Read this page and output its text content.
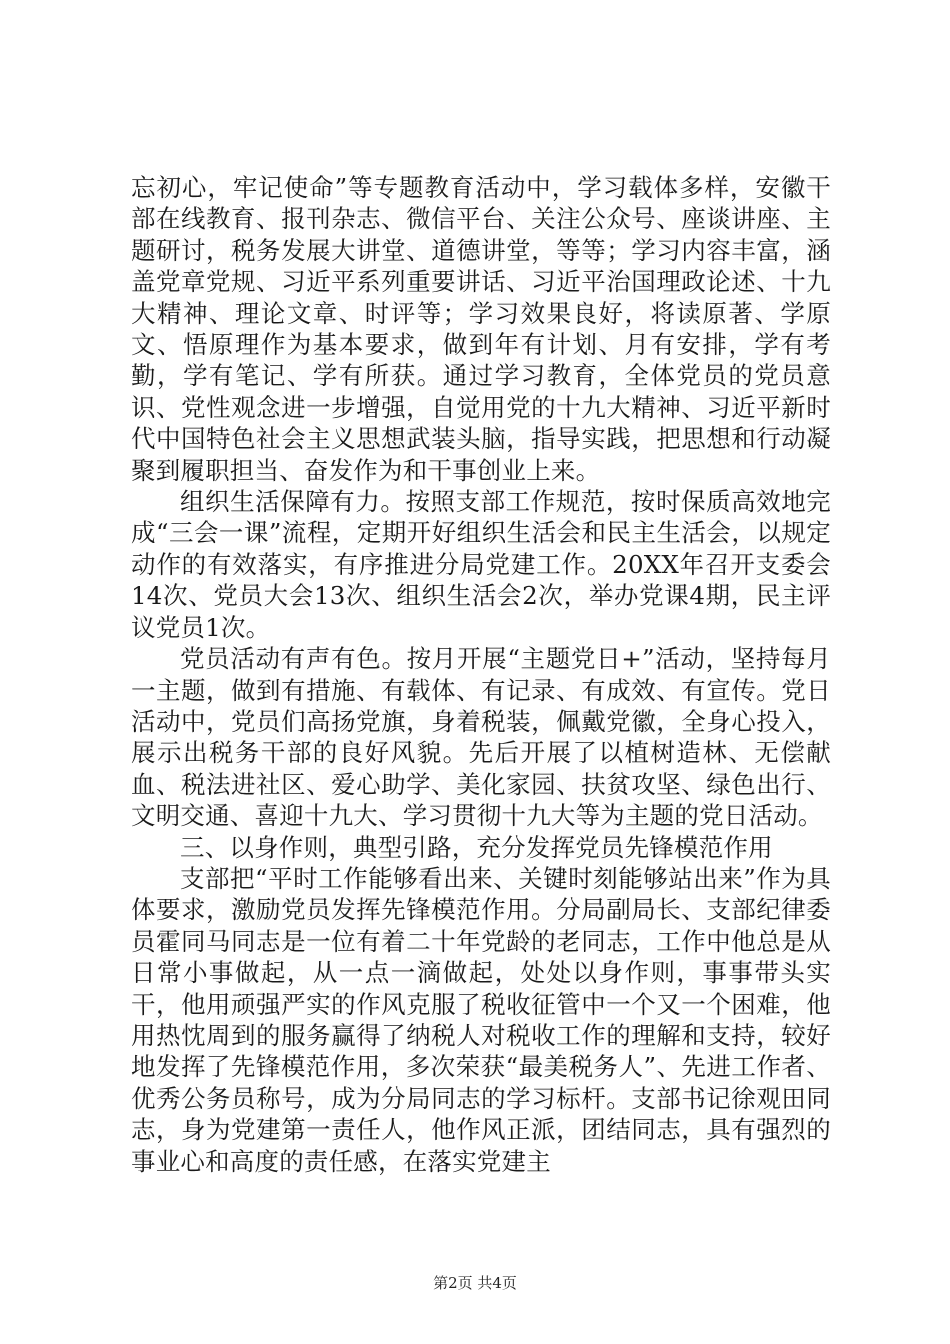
忘初心，牢记使命”等专题教育活动中，学习载体多样，安徽干部在线教育、报刊杂志、微信平台、关注公众号、座谈讲座、主题研讨，税务发展大讲堂、道德讲堂，等等；学习内容丰富，涵盖党章党规、习近平系列重要讲话、习近平治国理政论述、十九大精神、理论文章、时评等；学习效果良好，将读原著、学原文、悟原理作为基本要求，做到年有计划、月有安排，学有考勤，学有笔记、学有所获。通过学习教育，全体党员的党员意识、党性观念进一步增强，自觉用党的十九大精神、习近平新时代中国特色社会主义思想武装头脑，指导实践，把思想和行动凝聚到履职担当、奋发作为和干事创业上来。

组织生活保障有力。按照支部工作规范，按时保质高效地完成“三会一课”流程，定期开好组织生活会和民主生活会，以规定动作的有效落实，有序推进分局党建工作。20XX年召开支委会14次、党员大会13次、组织生活会2次，举办党课4期，民主评议党员1次。

党员活动有声有色。按月开展“主题党日+”活动，坚持每月一主题，做到有措施、有载体、有记录、有成效、有宣传。党日活动中，党员们高扬党旗，身着税装，佩戴党徽，全身心投入，展示出税务干部的良好风貌。先后开展了以植树造林、无偿献血、税法进社区、爱心助学、美化家园、扶贫攻坚、绿色出行、文明交通、喜迎十九大、学习贯彻十九大等为主题的党日活动。

三、以身作则，典型引路，充分发挥党员先锋模范作用

支部把“平时工作能够看出来、关键时刻能够站出来”作为具体要求，激励党员发挥先锋模范作用。分局副局长、支部纪律委员霍同马同志是一位有着二十年党龄的老同志，工作中他总是从日常小事做起，从一点一滴做起，处处以身作则，事事带头实干，他用顽强严实的作风克服了税收征管中一个又一个困难，他用热忱周到的服务赢得了纳税人对税收工作的理解和支持，较好地发挥了先锋模范作用，多次荣获“最美税务人”、先进工作者、优秀公务员称号，成为分局同志的学习标杆。支部书记徐观田同志，身为党建第一责任人，他作风正派，团结同志，具有强烈的事业心和高度的责任感，在落实党建主

第2页 共4页
